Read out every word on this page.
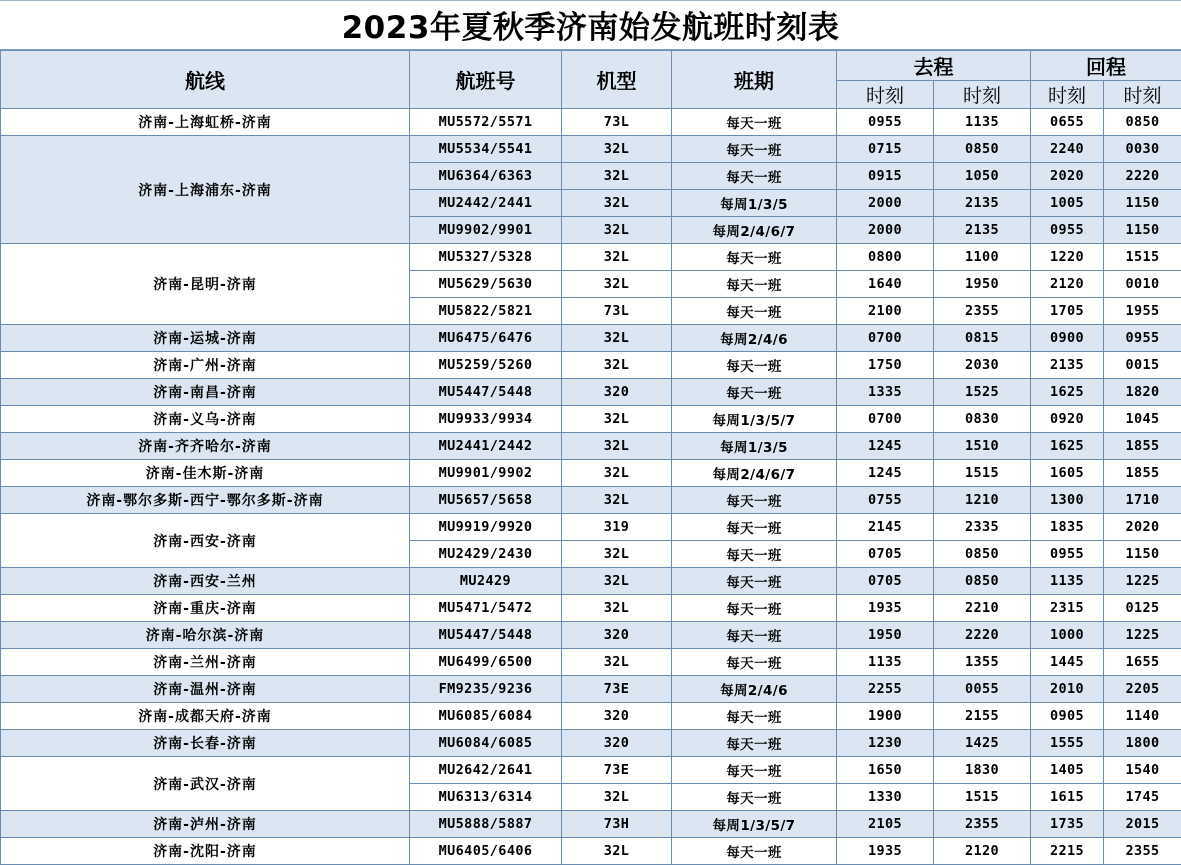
2023年夏秋季济南始发航班时刻表
航线	航班号	机型	班期	去程		回程	
				时刻	时刻	时刻	时刻
济南-上海虹桥-济南	MU5572/5571	73L	每天一班	0955	1135	0655	0850
济南-上海浦东-济南	MU5534/5541	32L	每天一班	0715	0850	2240	0030
	MU6364/6363	32L	每天一班	0915	1050	2020	2220
	MU2442/2441	32L	每周1/3/5	2000	2135	1005	1150
	MU9902/9901	32L	每周2/4/6/7	2000	2135	0955	1150
济南-昆明-济南	MU5327/5328	32L	每天一班	0800	1100	1220	1515
	MU5629/5630	32L	每天一班	1640	1950	2120	0010
	MU5822/5821	73L	每天一班	2100	2355	1705	1955
济南-运城-济南	MU6475/6476	32L	每周2/4/6	0700	0815	0900	0955
济南-广州-济南	MU5259/5260	32L	每天一班	1750	2030	2135	0015
济南-南昌-济南	MU5447/5448	320	每天一班	1335	1525	1625	1820
济南-义乌-济南	MU9933/9934	32L	每周1/3/5/7	0700	0830	0920	1045
济南-齐齐哈尔-济南	MU2441/2442	32L	每周1/3/5	1245	1510	1625	1855
济南-佳木斯-济南	MU9901/9902	32L	每周2/4/6/7	1245	1515	1605	1855
济南-鄂尔多斯-西宁-鄂尔多斯-济南	MU5657/5658	32L	每天一班	0755	1210	1300	1710
济南-西安-济南	MU9919/9920	319	每天一班	2145	2335	1835	2020
	MU2429/2430	32L	每天一班	0705	0850	0955	1150
济南-西安-兰州	MU2429	32L	每天一班	0705	0850	1135	1225
济南-重庆-济南	MU5471/5472	32L	每天一班	1935	2210	2315	0125
济南-哈尔滨-济南	MU5447/5448	320	每天一班	1950	2220	1000	1225
济南-兰州-济南	MU6499/6500	32L	每天一班	1135	1355	1445	1655
济南-温州-济南	FM9235/9236	73E	每周2/4/6	2255	0055	2010	2205
济南-成都天府-济南	MU6085/6084	320	每天一班	1900	2155	0905	1140
济南-长春-济南	MU6084/6085	320	每天一班	1230	1425	1555	1800
济南-武汉-济南	MU2642/2641	73E	每天一班	1650	1830	1405	1540
	MU6313/6314	32L	每天一班	1330	1515	1615	1745
济南-泸州-济南	MU5888/5887	73H	每周1/3/5/7	2105	2355	1735	2015
济南-沈阳-济南	MU6405/6406	32L	每天一班	1935	2120	2215	2355
